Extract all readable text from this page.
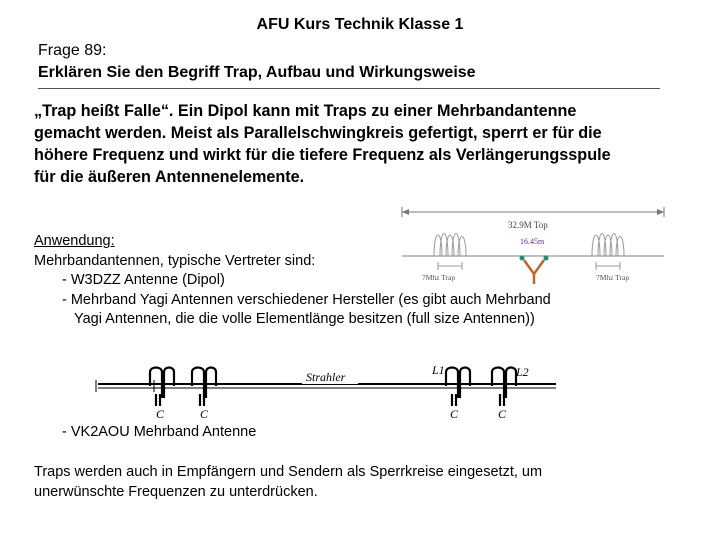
AFU Kurs Technik Klasse 1
Frage 89:
Erklären Sie den Begriff Trap, Aufbau und Wirkungsweise
„Trap heißt Falle“. Ein Dipol kann mit Traps zu einer Mehrbandantenne
gemacht werden. Meist als Parallelschwingkreis gefertigt, sperrt er für die
höhere Frequenz und wirkt für die tiefere Frequenz als Verlängerungsspule
für die äußeren Antennenelemente.
Anwendung:
Mehrbandantennen, typische Vertreter sind:
- W3DZZ Antenne (Dipol)
- Mehrband Yagi Antennen verschiedener Hersteller (es gibt auch Mehrband
Yagi Antennen, die die volle Elementlänge besitzen (full size Antennen))
32.9M Top
7Mhz Trap	7Mhz Trap
16.45m
C	C
Strahler	L1	L2
C	C
- VK2AOU Mehrband Antenne
Traps werden auch in Empfängern und Sendern als Sperrkreise eingesetzt, um
unerwünschte Frequenzen zu unterdrücken.
